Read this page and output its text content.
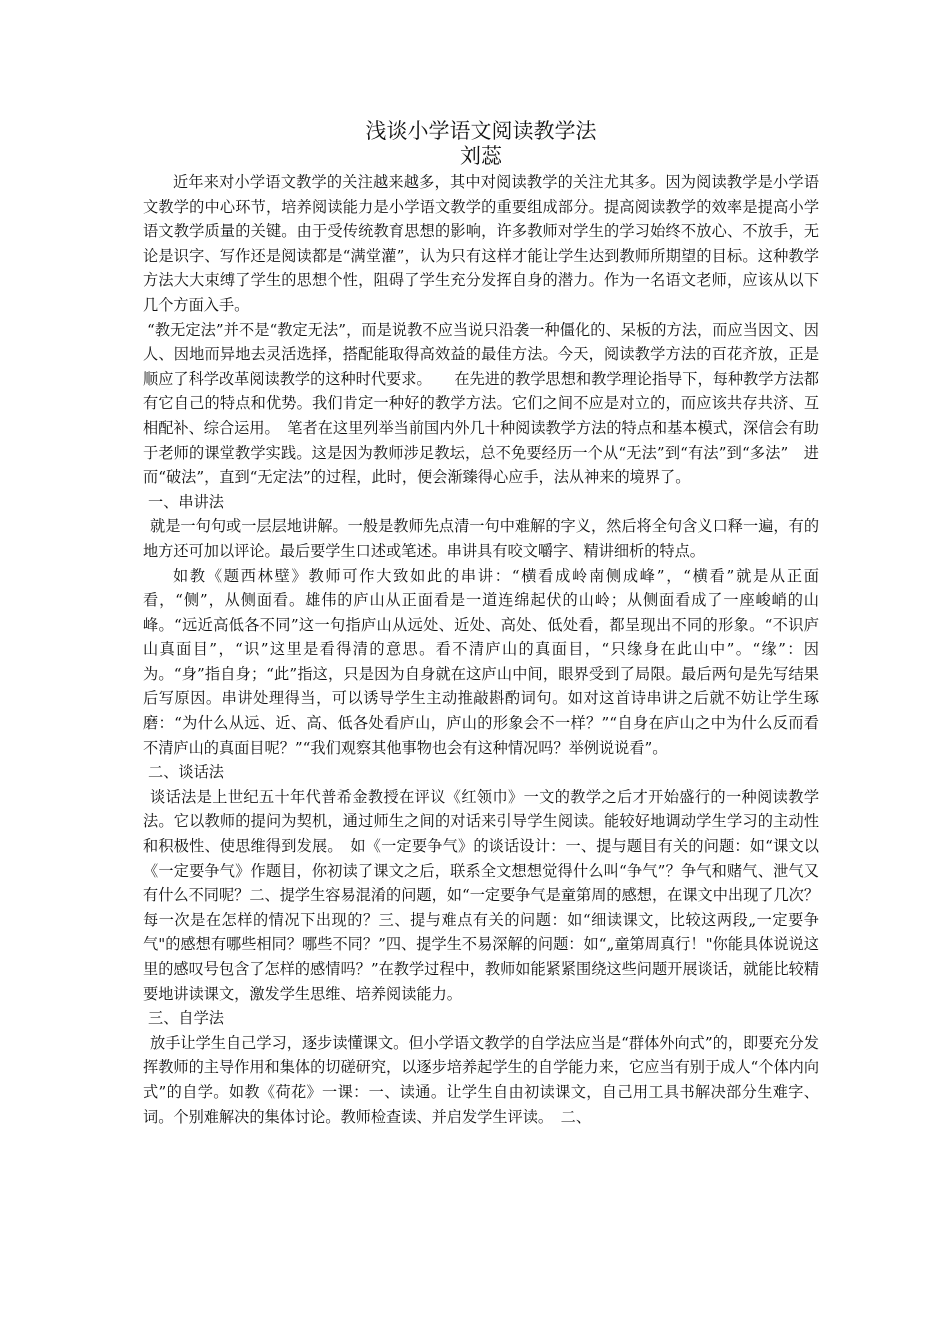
浅谈小学语文阅读教学法
刘蕊

近年来对小学语文教学的关注越来越多，其中对阅读教学的关注尤其多。因为阅读教学是小学语文教学的中心环节，培养阅读能力是小学语文教学的重要组成部分。提高阅读教学的效率是提高小学语文教学质量的关键。由于受传统教育思想的影响，许多教师对学生的学习始终不放心、不放手，无论是识字、写作还是阅读都是“满堂灌”，认为只有这样才能让学生达到教师所期望的目标。这种教学方法大大束缚了学生的思想个性，阻碍了学生充分发挥自身的潜力。作为一名语文老师，应该从以下几个方面入手。

“教无定法”并不是“教定无法”，而是说教不应当说只沿袭一种僵化的、呆板的方法，而应当因文、因人、因地而异地去灵活选择，搭配能取得高效益的最佳方法。今天，阅读教学方法的百花齐放，正是顺应了科学改革阅读教学的这种时代要求。　　在先进的教学思想和教学理论指导下，每种教学方法都有它自己的特点和优势。我们肯定一种好的教学方法。它们之间不应是对立的，而应该共存共济、互相配补、综合运用。　笔者在这里列举当前国内外几十种阅读教学方法的特点和基本模式，深信会有助于老师的课堂教学实践。这是因为教师涉足教坛，总不免要经历一个从“无法”到“有法”到“多法”　进而“破法”，直到“无定法”的过程，此时，便会渐臻得心应手，法从神来的境界了。

一、串讲法

就是一句句或一层层地讲解。一般是教师先点清一句中难解的字义，然后将全句含义口释一遍，有的地方还可加以评论。最后要学生口述或笔述。串讲具有咬文嚼字、精讲细析的特点。

如教《题西林壁》教师可作大致如此的串讲：“横看成岭南侧成峰”，“横看”就是从正面看，“侧”，从侧面看。雄伟的庐山从正面看是一道连绵起伏的山岭；从侧面看成了一座峻峭的山峰。“远近高低各不同”这一句指庐山从远处、近处、高处、低处看，都呈现出不同的形象。“不识庐山真面目”，“识”这里是看得清的意思。看不清庐山的真面目，“只缘身在此山中”。“缘”：因为。“身”指自身；“此”指这，只是因为自身就在这庐山中间，眼界受到了局限。最后两句是先写结果后写原因。串讲处理得当，可以诱导学生主动推敲斟酌词句。如对这首诗串讲之后就不妨让学生琢磨：“为什么从远、近、高、低各处看庐山，庐山的形象会不一样？”“自身在庐山之中为什么反而看不清庐山的真面目呢？”“我们观察其他事物也会有这种情况吗？举例说说看”。

二、谈话法

谈话法是上世纪五十年代普希金教授在评议《红领巾》一文的教学之后才开始盛行的一种阅读教学法。它以教师的提问为契机，通过师生之间的对话来引导学生阅读。能较好地调动学生学习的主动性和积极性、使思维得到发展。　如《一定要争气》的谈话设计：一、提与题目有关的问题：如“课文以《一定要争气》作题目，你初读了课文之后，联系全文想想觉得什么叫“争气”？争气和赌气、泄气又有什么不同呢？二、提学生容易混淆的问题，如“一定要争气是童第周的感想，在课文中出现了几次？每一次是在怎样的情况下出现的？三、提与难点有关的问题：如“细读课文，比较这两段„一定要争气"的感想有哪些相同？哪些不同？”四、提学生不易深解的问题：如“„童第周真行！"你能具体说说这里的感叹号包含了怎样的感情吗？”在教学过程中，教师如能紧紧围绕这些问题开展谈话，就能比较精要地讲读课文，激发学生思维、培养阅读能力。

三、自学法

放手让学生自己学习，逐步读懂课文。但小学语文教学的自学法应当是“群体外向式”的，即要充分发挥教师的主导作用和集体的切磋研究，以逐步培养起学生的自学能力来，它应当有别于成人“个体内向式”的自学。如教《荷花》一课：一、读通。让学生自由初读课文，自己用工具书解决部分生难字、词。个别难解决的集体讨论。教师检查读、并启发学生评读。　二、
